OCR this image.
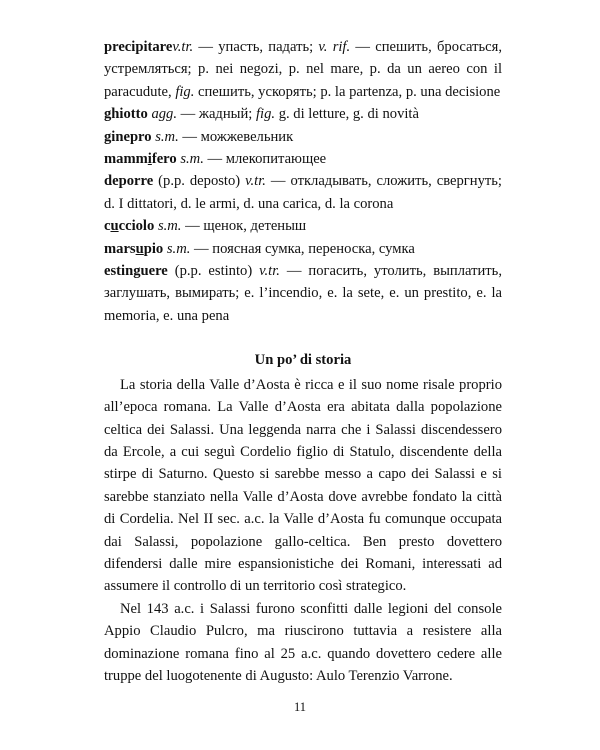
precipitarev.tr. — упасть, падать; v. rif. — спешить, бросаться, устремляться; p. nei negozi, p. nel mare, p. da un aereo con il paracudute, fig. спешить, ускорять; p. la partenza, p. una decisione

ghiotto agg. — жадный; fig. g. di letture, g. di novità

ginepro s.m. — можжевельник

mammifero s.m. — млекопитающее

deporre (p.p. deposto) v.tr. — откладывать, сложить, свергнуть; d. I dittatori, d. le armi, d. una carica, d. la corona

cucciolo s.m. — щенок, детеныш

marsupio s.m. — поясная сумка, переноска, сумка

estinguere (p.p. estinto) v.tr. — погасить, утолить, выплатить, заглушать, вымирать; e. l’incendio, e. la sete, e. un prestito, e. la memoria, e. una pena

Un po’ di storia

La storia della Valle d’Aosta è ricca e il suo nome risale proprio all’epoca romana. La Valle d’Aosta era abitata dalla popolazione celtica dei Salassi. Una leggenda narra che i Salassi discendessero da Ercole, a cui seguì Cordelio figlio di Statulo, discendente della stirpe di Saturno. Questo si sarebbe messo a capo dei Salassi e si sarebbe stanziato nella Valle d’Aosta dove avrebbe fondato la città di Cordelia. Nel II sec. a.c. la Valle d’Aosta fu comunque occupata dai Salassi, popolazione gallo-celtica. Ben presto dovettero difendersi dalle mire espansionistiche dei Romani, interessati ad assumere il controllo di un territorio così strategico.

Nel 143 a.c. i Salassi furono sconfitti dalle legioni del console Appio Claudio Pulcro, ma riuscirono tuttavia a resistere alla dominazione romana fino al 25 a.c. quando dovettero cedere alle truppe del luogotenente di Augusto: Aulo Terenzio Varrone.

11
